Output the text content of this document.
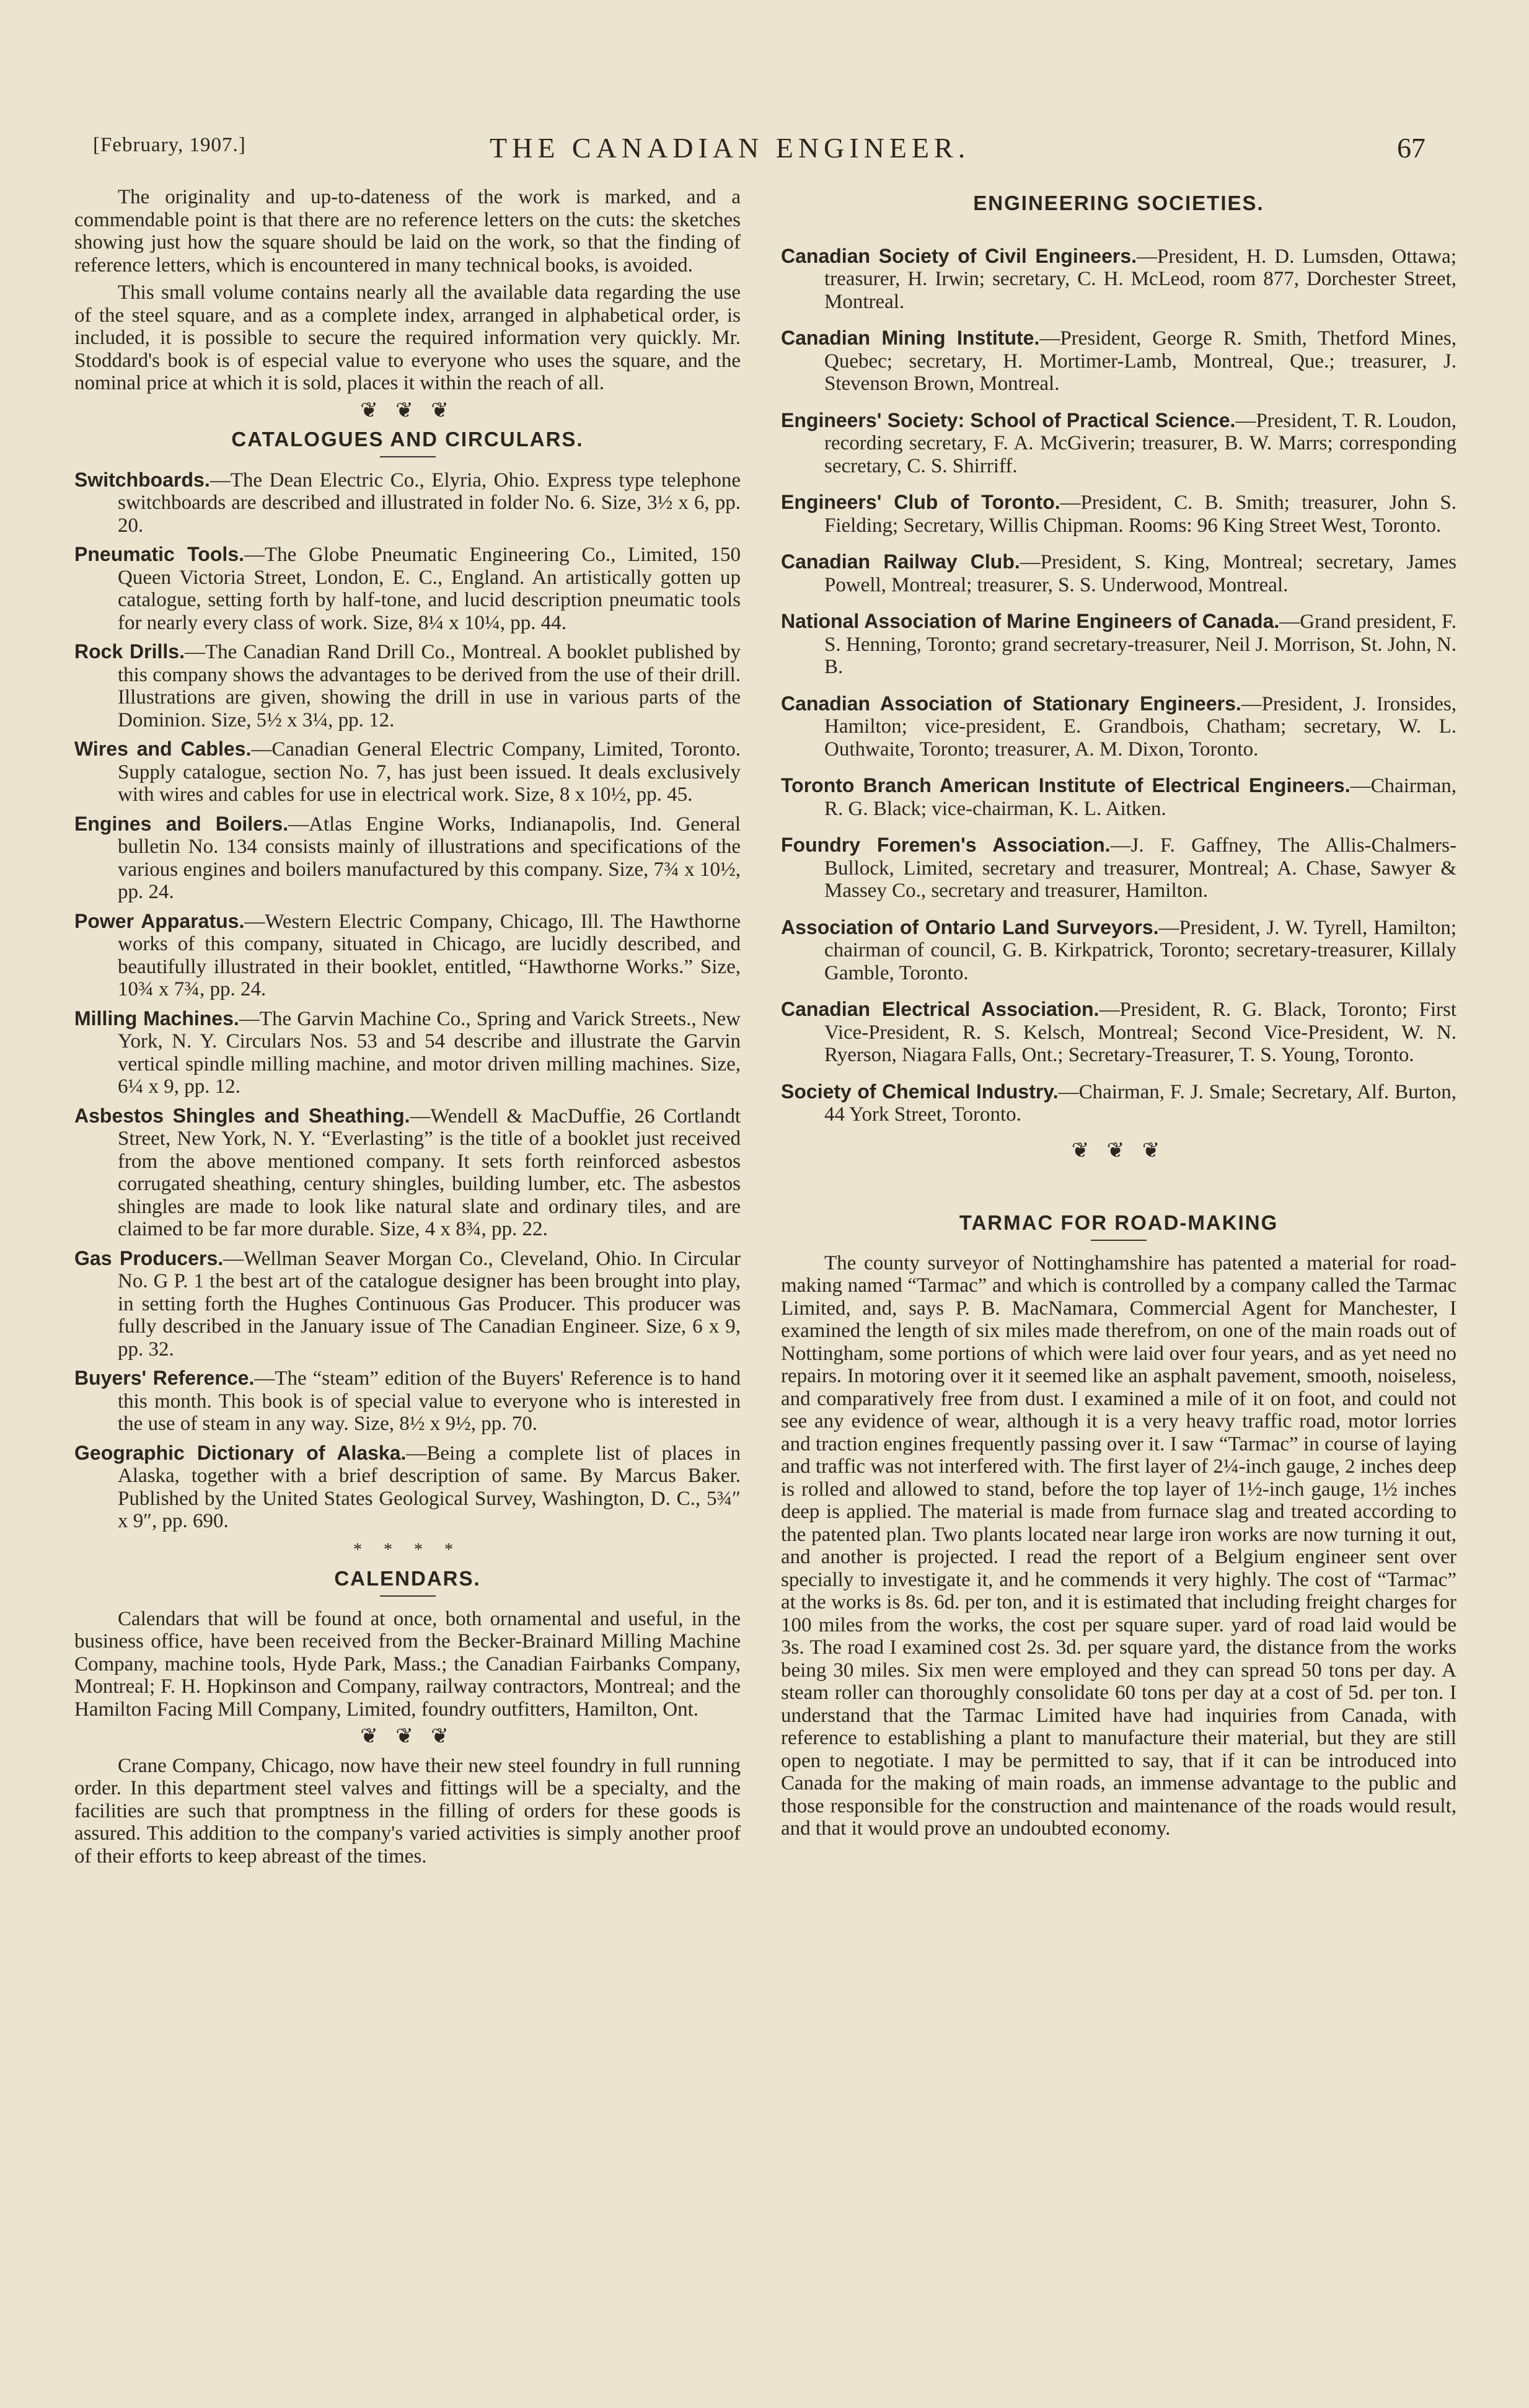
[February, 1907.]	THE CANADIAN ENGINEER.	67

The originality and up-to-dateness of the work is marked, and a commendable point is that there are no reference letters on the cuts: the sketches showing just how the square should be laid on the work, so that the finding of reference letters, which is encountered in many technical books, is avoided.

This small volume contains nearly all the available data regarding the use of the steel square, and as a complete index, arranged in alphabetical order, is included, it is possible to secure the required information very quickly. Mr. Stoddard's book is of especial value to everyone who uses the square, and the nominal price at which it is sold, places it within the reach of all.

❦ ❦ ❦
CATALOGUES AND CIRCULARS.

Switchboards.—The Dean Electric Co., Elyria, Ohio. Express type telephone switchboards are described and illustrated in folder No. 6. Size, 3½ x 6, pp. 20.

Pneumatic Tools.—The Globe Pneumatic Engineering Co., Limited, 150 Queen Victoria Street, London, E. C., England. An artistically gotten up catalogue, setting forth by half-tone, and lucid description pneumatic tools for nearly every class of work. Size, 8¼ x 10¼, pp. 44.

Rock Drills.—The Canadian Rand Drill Co., Montreal. A booklet published by this company shows the advantages to be derived from the use of their drill. Illustrations are given, showing the drill in use in various parts of the Dominion. Size, 5½ x 3¼, pp. 12.

Wires and Cables.—Canadian General Electric Company, Limited, Toronto. Supply catalogue, section No. 7, has just been issued. It deals exclusively with wires and cables for use in electrical work. Size, 8 x 10½, pp. 45.

Engines and Boilers.—Atlas Engine Works, Indianapolis, Ind. General bulletin No. 134 consists mainly of illustrations and specifications of the various engines and boilers manufactured by this company. Size, 7¾ x 10½, pp. 24.

Power Apparatus.—Western Electric Company, Chicago, Ill. The Hawthorne works of this company, situated in Chicago, are lucidly described, and beautifully illustrated in their booklet, entitled, “Hawthorne Works.” Size, 10¾ x 7¾, pp. 24.

Milling Machines.—The Garvin Machine Co., Spring and Varick Streets., New York, N. Y. Circulars Nos. 53 and 54 describe and illustrate the Garvin vertical spindle milling machine, and motor driven milling machines. Size, 6¼ x 9, pp. 12.

Asbestos Shingles and Sheathing.—Wendell & MacDuffie, 26 Cortlandt Street, New York, N. Y. “Everlasting” is the title of a booklet just received from the above mentioned company. It sets forth reinforced asbestos corrugated sheathing, century shingles, building lumber, etc. The asbestos shingles are made to look like natural slate and ordinary tiles, and are claimed to be far more durable. Size, 4 x 8¾, pp. 22.

Gas Producers.—Wellman Seaver Morgan Co., Cleveland, Ohio. In Circular No. G P. 1 the best art of the catalogue designer has been brought into play, in setting forth the Hughes Continuous Gas Producer. This producer was fully described in the January issue of The Canadian Engineer. Size, 6 x 9, pp. 32.

Buyers' Reference.—The “steam” edition of the Buyers' Reference is to hand this month. This book is of special value to everyone who is interested in the use of steam in any way. Size, 8½ x 9½, pp. 70.

Geographic Dictionary of Alaska.—Being a complete list of places in Alaska, together with a brief description of same. By Marcus Baker. Published by the United States Geological Survey, Washington, D. C., 5¾″ x 9″, pp. 690.

* * * *
CALENDARS.

Calendars that will be found at once, both ornamental and useful, in the business office, have been received from the Becker-Brainard Milling Machine Company, machine tools, Hyde Park, Mass.; the Canadian Fairbanks Company, Montreal; F. H. Hopkinson and Company, railway contractors, Montreal; and the Hamilton Facing Mill Company, Limited, foundry outfitters, Hamilton, Ont.

❦ ❦ ❦

Crane Company, Chicago, now have their new steel foundry in full running order. In this department steel valves and fittings will be a specialty, and the facilities are such that promptness in the filling of orders for these goods is assured. This addition to the company's varied activities is simply another proof of their efforts to keep abreast of the times.

ENGINEERING SOCIETIES.

Canadian Society of Civil Engineers.—President, H. D. Lumsden, Ottawa; treasurer, H. Irwin; secretary, C. H. McLeod, room 877, Dorchester Street, Montreal.

Canadian Mining Institute.—President, George R. Smith, Thetford Mines, Quebec; secretary, H. Mortimer-Lamb, Montreal, Que.; treasurer, J. Stevenson Brown, Montreal.

Engineers' Society: School of Practical Science.—President, T. R. Loudon, recording secretary, F. A. McGiverin; treasurer, B. W. Marrs; corresponding secretary, C. S. Shirriff.

Engineers' Club of Toronto.—President, C. B. Smith; treasurer, John S. Fielding; Secretary, Willis Chipman. Rooms: 96 King Street West, Toronto.

Canadian Railway Club.—President, S. King, Montreal; secretary, James Powell, Montreal; treasurer, S. S. Underwood, Montreal.

National Association of Marine Engineers of Canada.—Grand president, F. S. Henning, Toronto; grand secretary-treasurer, Neil J. Morrison, St. John, N. B.

Canadian Association of Stationary Engineers.—President, J. Ironsides, Hamilton; vice-president, E. Grandbois, Chatham; secretary, W. L. Outhwaite, Toronto; treasurer, A. M. Dixon, Toronto.

Toronto Branch American Institute of Electrical Engineers.—Chairman, R. G. Black; vice-chairman, K. L. Aitken.

Foundry Foremen's Association.—J. F. Gaffney, The Allis-Chalmers-Bullock, Limited, secretary and treasurer, Montreal; A. Chase, Sawyer & Massey Co., secretary and treasurer, Hamilton.

Association of Ontario Land Surveyors.—President, J. W. Tyrell, Hamilton; chairman of council, G. B. Kirkpatrick, Toronto; secretary-treasurer, Killaly Gamble, Toronto.

Canadian Electrical Association.—President, R. G. Black, Toronto; First Vice-President, R. S. Kelsch, Montreal; Second Vice-President, W. N. Ryerson, Niagara Falls, Ont.; Secretary-Treasurer, T. S. Young, Toronto.

Society of Chemical Industry.—Chairman, F. J. Smale; Secretary, Alf. Burton, 44 York Street, Toronto.

❦ ❦ ❦
TARMAC FOR ROAD-MAKING

The county surveyor of Nottinghamshire has patented a material for road-making named “Tarmac” and which is controlled by a company called the Tarmac Limited, and, says P. B. MacNamara, Commercial Agent for Manchester, I examined the length of six miles made therefrom, on one of the main roads out of Nottingham, some portions of which were laid over four years, and as yet need no repairs. In motoring over it it seemed like an asphalt pavement, smooth, noiseless, and comparatively free from dust. I examined a mile of it on foot, and could not see any evidence of wear, although it is a very heavy traffic road, motor lorries and traction engines frequently passing over it. I saw “Tarmac” in course of laying and traffic was not interfered with. The first layer of 2¼-inch gauge, 2 inches deep is rolled and allowed to stand, before the top layer of 1½-inch gauge, 1½ inches deep is applied. The material is made from furnace slag and treated according to the patented plan. Two plants located near large iron works are now turning it out, and another is projected. I read the report of a Belgium engineer sent over specially to investigate it, and he commends it very highly. The cost of “Tarmac” at the works is 8s. 6d. per ton, and it is estimated that including freight charges for 100 miles from the works, the cost per square super. yard of road laid would be 3s. The road I examined cost 2s. 3d. per square yard, the distance from the works being 30 miles. Six men were employed and they can spread 50 tons per day. A steam roller can thoroughly consolidate 60 tons per day at a cost of 5d. per ton. I understand that the Tarmac Limited have had inquiries from Canada, with reference to establishing a plant to manufacture their material, but they are still open to negotiate. I may be permitted to say, that if it can be introduced into Canada for the making of main roads, an immense advantage to the public and those responsible for the construction and maintenance of the roads would result, and that it would prove an undoubted economy.
